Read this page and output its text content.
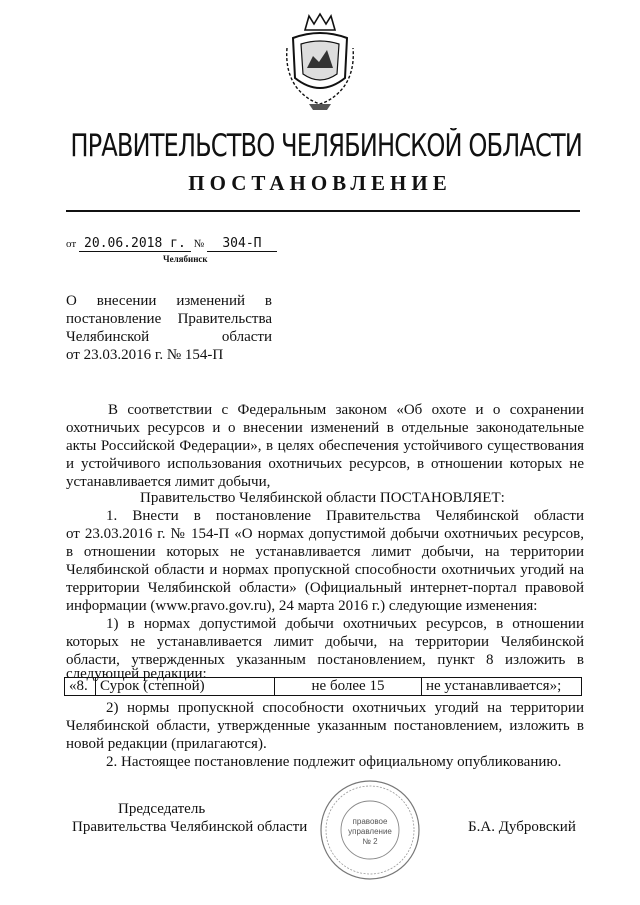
ПРАВИТЕЛЬСТВО ЧЕЛЯБИНСКОЙ ОБЛАСТИ
ПОСТАНОВЛЕНИЕ
от 20.06.2018 г. № 304-П
Челябинск
О внесении изменений в
постановление Правительства
Челябинской области
от 23.03.2016 г. № 154-П
В соответствии с Федеральным законом «Об охоте и о сохранении
охотничьих ресурсов и о внесении изменений в отдельные законодательные
акты Российской Федерации», в целях обеспечения устойчивого существования
и устойчивого использования охотничьих ресурсов, в отношении которых не
устанавливается лимит добычи,
Правительство Челябинской области ПОСТАНОВЛЯЕТ:
1. Внести в постановление Правительства Челябинской области
от 23.03.2016 г. № 154-П «О нормах допустимой добычи охотничьих ресурсов,
в отношении которых не устанавливается лимит добычи, на территории
Челябинской области и нормах пропускной способности охотничьих угодий на
территории Челябинской области» (Официальный интернет-портал правовой
информации (www.pravo.gov.ru), 24 марта 2016 г.) следующие изменения:
1) в нормах допустимой добычи охотничьих ресурсов, в отношении
которых не устанавливается лимит добычи, на территории Челябинской
области, утвержденных указанным постановлением, пункт 8 изложить в
следующей редакции:
«8.	Сурок (степной)	не более 15	не устанавливается»;
2) нормы пропускной способности охотничьих угодий на территории
Челябинской области, утвержденные указанным постановлением, изложить в
новой редакции (прилагаются).
2. Настоящее постановление подлежит официальному опубликованию.
Председатель
Правительства Челябинской области	Б.А. Дубровский
правовое
управление
№ 2
